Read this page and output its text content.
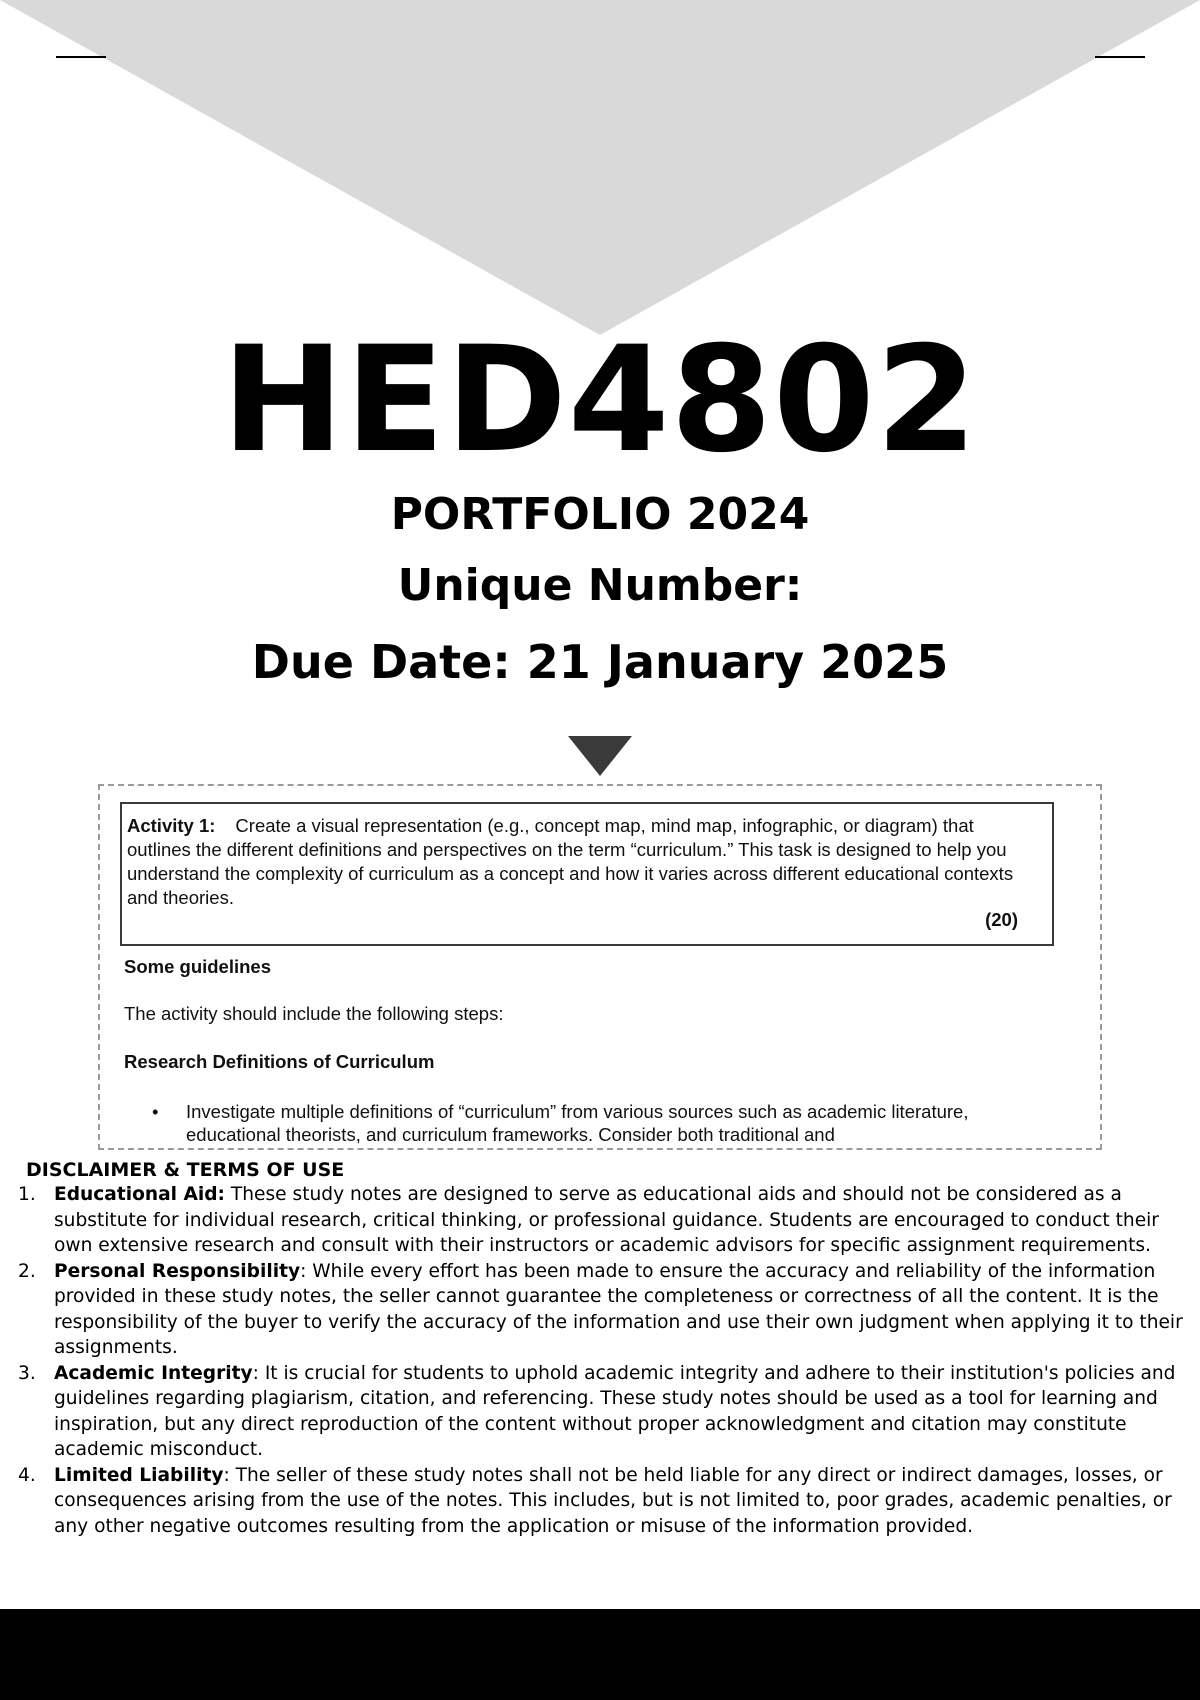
HED4802
PORTFOLIO 2024
Unique Number:
Due Date: 21 January 2025
Activity 1: Create a visual representation (e.g., concept map, mind map, infographic, or diagram) that outlines the different definitions and perspectives on the term “curriculum.” This task is designed to help you understand the complexity of curriculum as a concept and how it varies across different educational contexts and theories.
(20)
Some guidelines
The activity should include the following steps:
Research Definitions of Curriculum
• Investigate multiple definitions of “curriculum” from various sources such as academic literature, educational theorists, and curriculum frameworks. Consider both traditional and
DISCLAIMER & TERMS OF USE
1. Educational Aid: These study notes are designed to serve as educational aids and should not be considered as a substitute for individual research, critical thinking, or professional guidance. Students are encouraged to conduct their own extensive research and consult with their instructors or academic advisors for specific assignment requirements.
2. Personal Responsibility: While every effort has been made to ensure the accuracy and reliability of the information provided in these study notes, the seller cannot guarantee the completeness or correctness of all the content. It is the responsibility of the buyer to verify the accuracy of the information and use their own judgment when applying it to their assignments.
3. Academic Integrity: It is crucial for students to uphold academic integrity and adhere to their institution's policies and guidelines regarding plagiarism, citation, and referencing. These study notes should be used as a tool for learning and inspiration, but any direct reproduction of the content without proper acknowledgment and citation may constitute academic misconduct.
4. Limited Liability: The seller of these study notes shall not be held liable for any direct or indirect damages, losses, or consequences arising from the use of the notes. This includes, but is not limited to, poor grades, academic penalties, or any other negative outcomes resulting from the application or misuse of the information provided.
